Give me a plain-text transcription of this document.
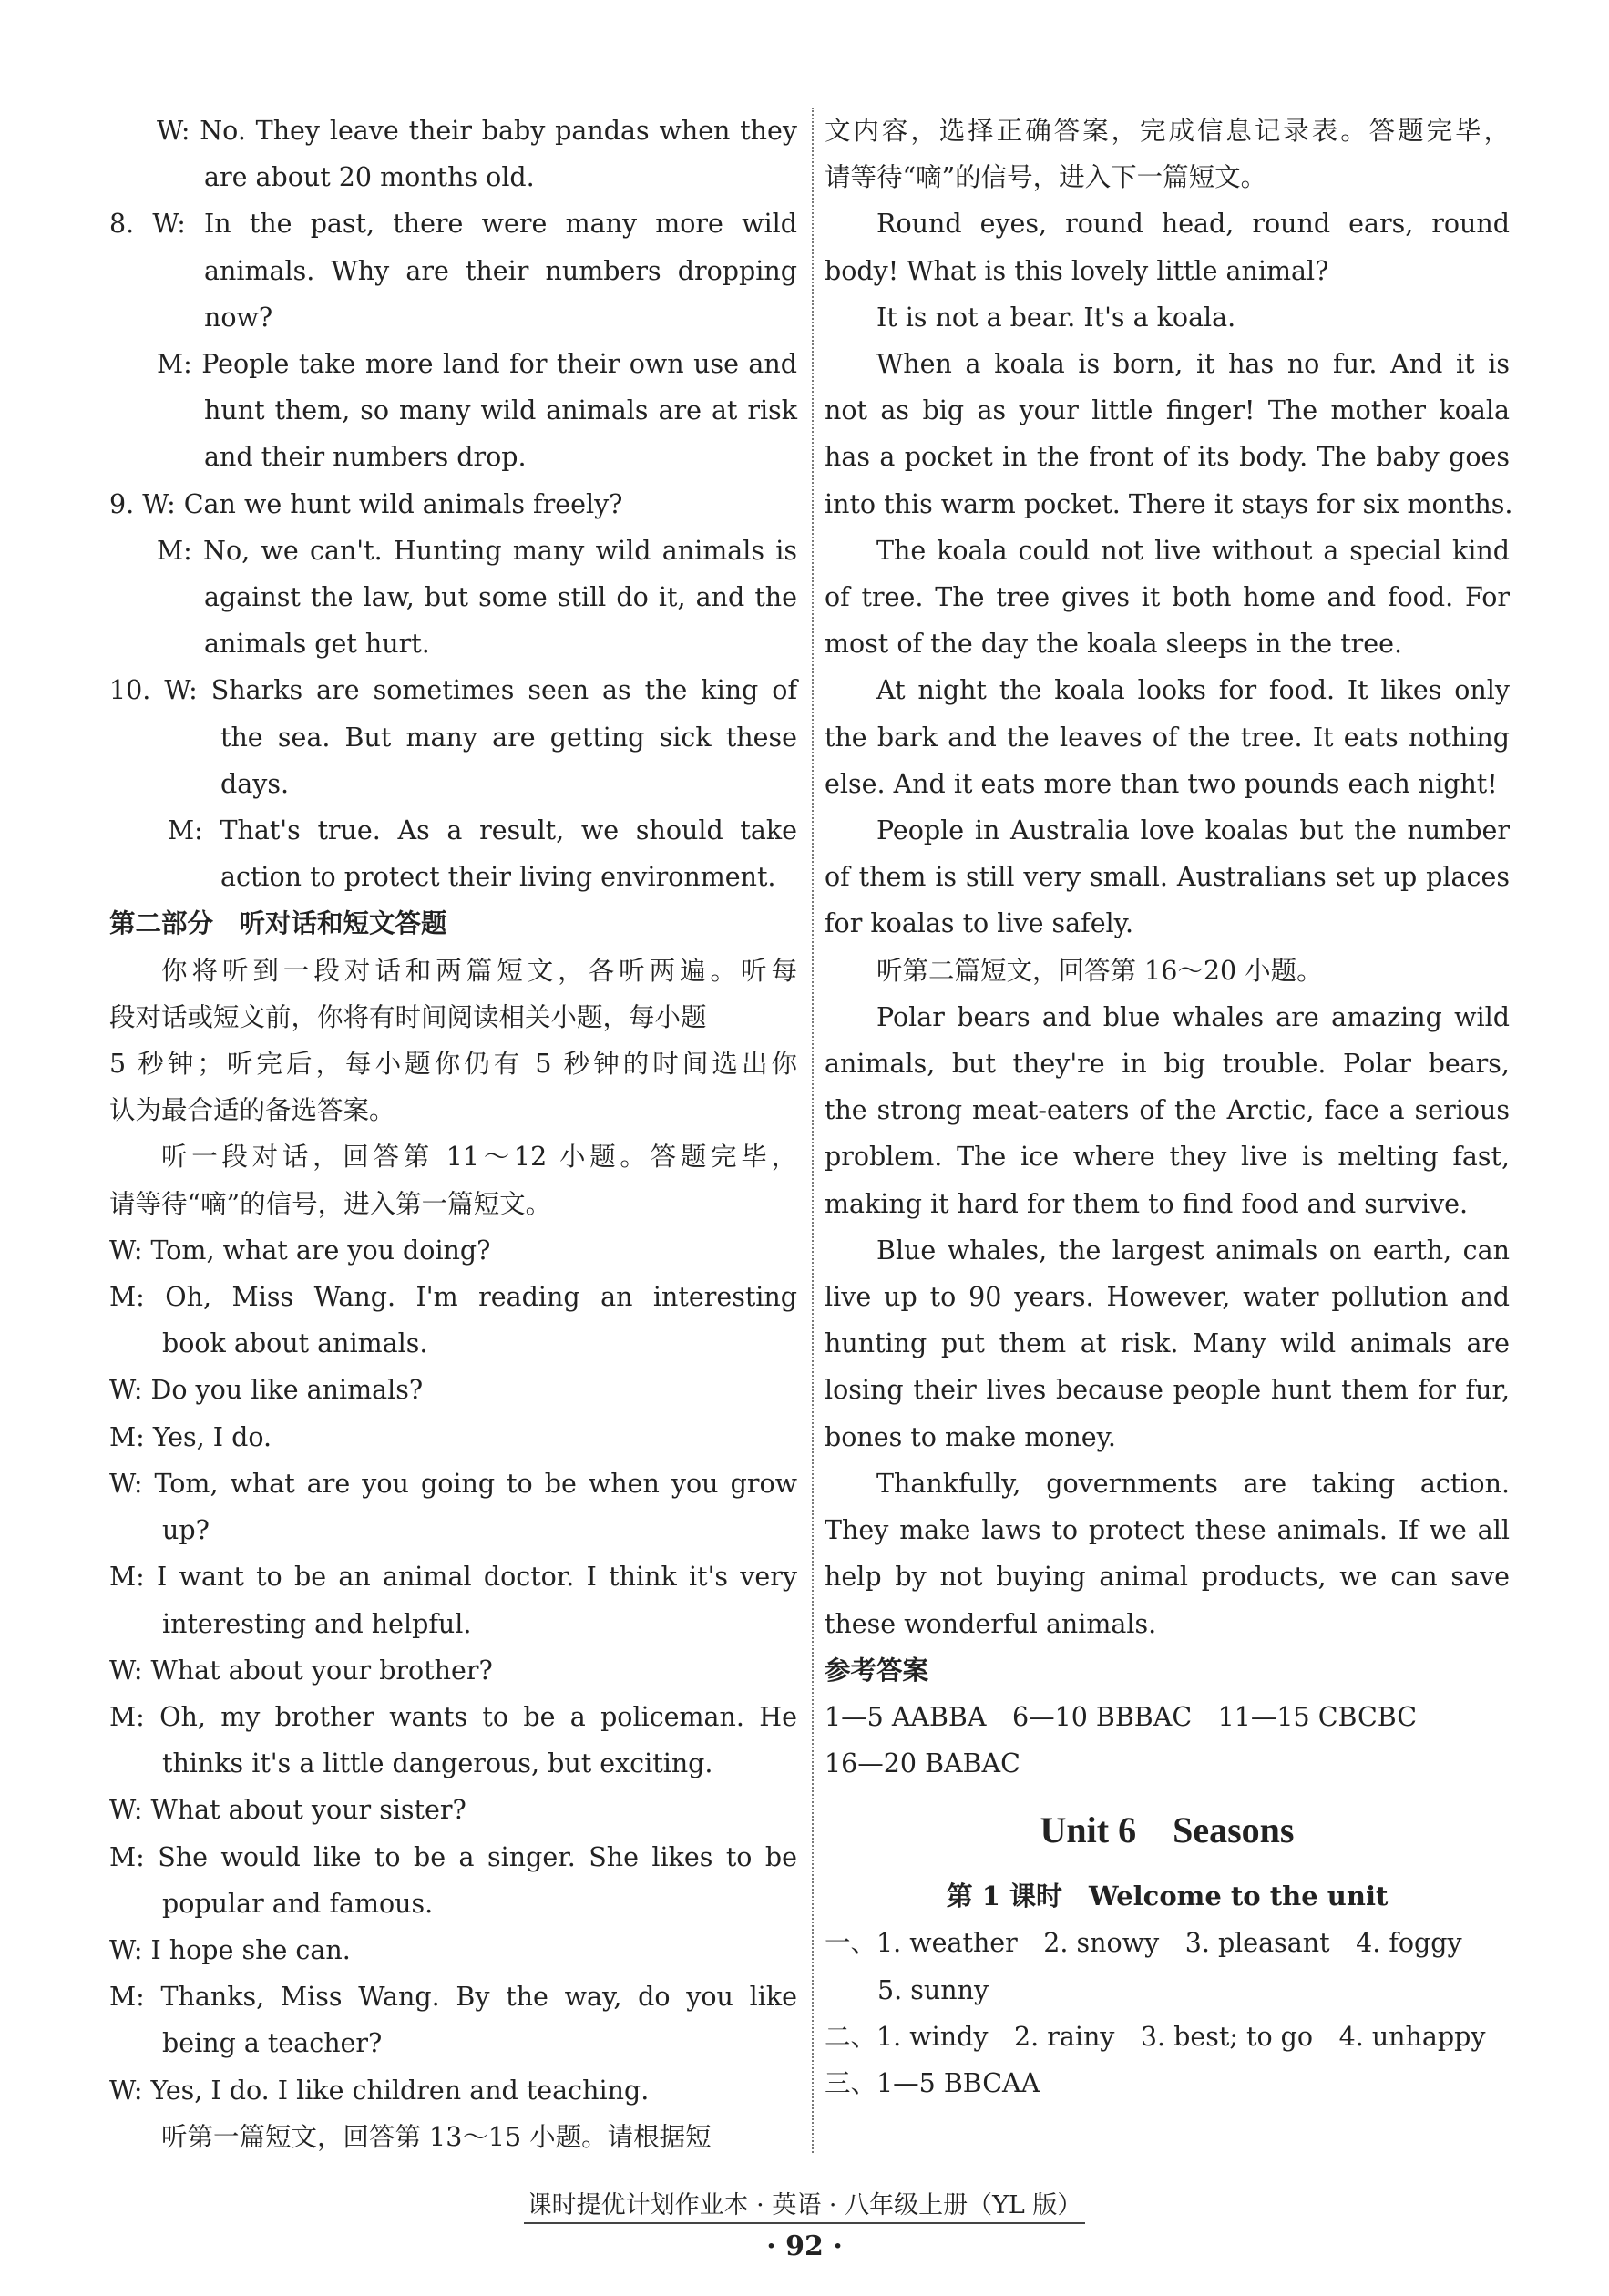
W: No. They leave their baby pandas when they
are about 20 months old.
8. W: In the past, there were many more wild
animals. Why are their numbers dropping
now?
M: People take more land for their own use and
hunt them, so many wild animals are at risk
and their numbers drop.
9. W: Can we hunt wild animals freely?
M: No, we can't. Hunting many wild animals is
against the law, but some still do it, and the
animals get hurt.
10. W: Sharks are sometimes seen as the king of
the sea. But many are getting sick these
days.
M: That's true. As a result, we should take
action to protect their living environment.
第二部分　听对话和短文答题
你将听到一段对话和两篇短文，各听两遍。听每
段对话或短文前，你将有时间阅读相关小题，每小题
5 秒钟；听完后，每小题你仍有 5 秒钟的时间选出你
认为最合适的备选答案。
听一段对话，回答第 11～12 小题。答题完毕，
请等待“嘀”的信号，进入第一篇短文。
W: Tom, what are you doing?
M: Oh, Miss Wang. I'm reading an interesting
book about animals.
W: Do you like animals?
M: Yes, I do.
W: Tom, what are you going to be when you grow
up?
M: I want to be an animal doctor. I think it's very
interesting and helpful.
W: What about your brother?
M: Oh, my brother wants to be a policeman. He
thinks it's a little dangerous, but exciting.
W: What about your sister?
M: She would like to be a singer. She likes to be
popular and famous.
W: I hope she can.
M: Thanks, Miss Wang. By the way, do you like
being a teacher?
W: Yes, I do. I like children and teaching.
听第一篇短文，回答第 13～15 小题。请根据短
文内容，选择正确答案，完成信息记录表。答题完毕，
请等待“嘀”的信号，进入下一篇短文。
Round eyes, round head, round ears, round
body! What is this lovely little animal?
It is not a bear. It's a koala.
When a koala is born, it has no fur. And it is
not as big as your little finger! The mother koala
has a pocket in the front of its body. The baby goes
into this warm pocket. There it stays for six months.
The koala could not live without a special kind
of tree. The tree gives it both home and food. For
most of the day the koala sleeps in the tree.
At night the koala looks for food. It likes only
the bark and the leaves of the tree. It eats nothing
else. And it eats more than two pounds each night!
People in Australia love koalas but the number
of them is still very small. Australians set up places
for koalas to live safely.
听第二篇短文，回答第 16～20 小题。
Polar bears and blue whales are amazing wild
animals, but they're in big trouble. Polar bears,
the strong meat-eaters of the Arctic, face a serious
problem. The ice where they live is melting fast,
making it hard for them to find food and survive.
Blue whales, the largest animals on earth, can
live up to 90 years. However, water pollution and
hunting put them at risk. Many wild animals are
losing their lives because people hunt them for fur,
bones to make money.
Thankfully, governments are taking action.
They make laws to protect these animals. If we all
help by not buying animal products, we can save
these wonderful animals.
参考答案
1—5 AABBA　6—10 BBBAC　11—15 CBCBC
16—20 BABAC
Unit 6　Seasons
第 1 课时　Welcome to the unit
一、1. weather　2. snowy　3. pleasant　4. foggy
5. sunny
二、1. windy　2. rainy　3. best; to go　4. unhappy
三、1—5 BBCAA
课时提优计划作业本 · 英语 · 八年级上册（YL 版）
· 92 ·
